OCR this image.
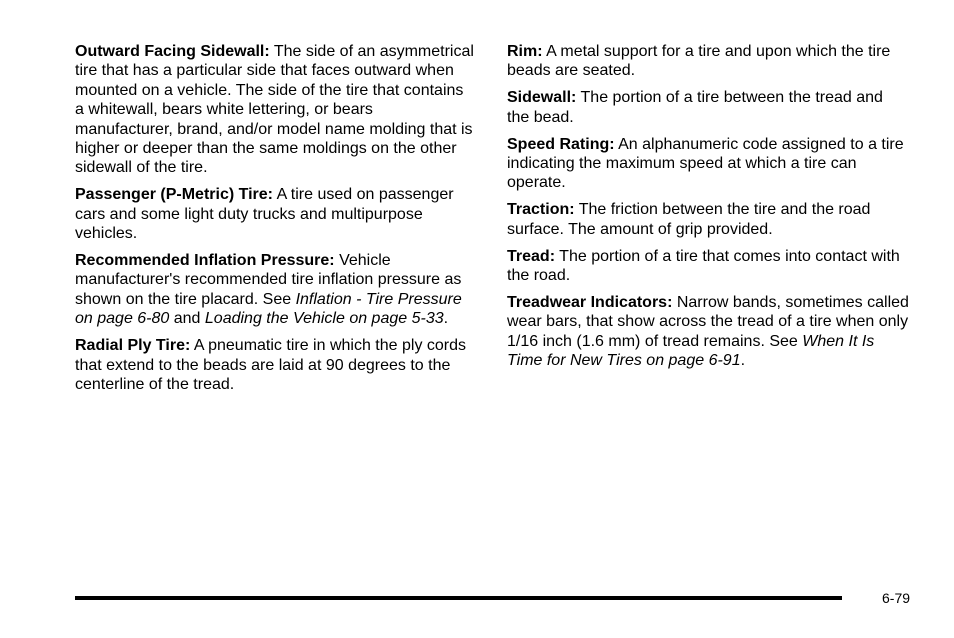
Outward Facing Sidewall: The side of an asymmetrical tire that has a particular side that faces outward when mounted on a vehicle. The side of the tire that contains a whitewall, bears white lettering, or bears manufacturer, brand, and/or model name molding that is higher or deeper than the same moldings on the other sidewall of the tire.

Passenger (P-Metric) Tire: A tire used on passenger cars and some light duty trucks and multipurpose vehicles.

Recommended Inflation Pressure: Vehicle manufacturer's recommended tire inflation pressure as shown on the tire placard. See Inflation - Tire Pressure on page 6-80 and Loading the Vehicle on page 5-33.

Radial Ply Tire: A pneumatic tire in which the ply cords that extend to the beads are laid at 90 degrees to the centerline of the tread.

Rim: A metal support for a tire and upon which the tire beads are seated.

Sidewall: The portion of a tire between the tread and the bead.

Speed Rating: An alphanumeric code assigned to a tire indicating the maximum speed at which a tire can operate.

Traction: The friction between the tire and the road surface. The amount of grip provided.

Tread: The portion of a tire that comes into contact with the road.

Treadwear Indicators: Narrow bands, sometimes called wear bars, that show across the tread of a tire when only 1/16 inch (1.6 mm) of tread remains. See When It Is Time for New Tires on page 6-91.

6-79
